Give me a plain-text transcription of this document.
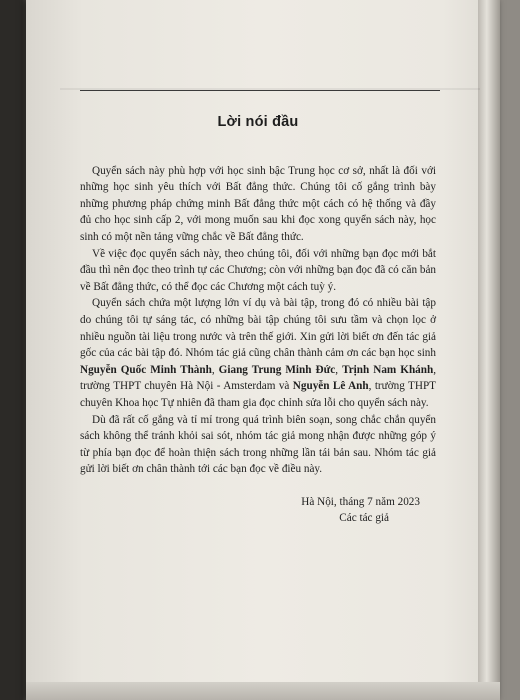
Lời nói đầu

Quyển sách này phù hợp với học sinh bậc Trung học cơ sở, nhất là đối với những học sinh yêu thích với Bất đẳng thức. Chúng tôi cố gắng trình bày những phương pháp chứng minh Bất đẳng thức một cách có hệ thống và đầy đủ cho học sinh cấp 2, với mong muốn sau khi đọc xong quyển sách này, học sinh có một nền tảng vững chắc về Bất đẳng thức.

Về việc đọc quyển sách này, theo chúng tôi, đối với những bạn đọc mới bắt đầu thì nên đọc theo trình tự các Chương; còn với những bạn đọc đã có căn bản về Bất đẳng thức, có thể đọc các Chương một cách tuỳ ý.

Quyển sách chứa một lượng lớn ví dụ và bài tập, trong đó có nhiều bài tập do chúng tôi tự sáng tác, có những bài tập chúng tôi sưu tầm và chọn lọc ở nhiều nguồn tài liệu trong nước và trên thế giới. Xin gửi lời biết ơn đến tác giả gốc của các bài tập đó. Nhóm tác giả cũng chân thành cảm ơn các bạn học sinh Nguyễn Quốc Minh Thành, Giang Trung Minh Đức, Trịnh Nam Khánh, trường THPT chuyên Hà Nội - Amsterdam và Nguyễn Lê Anh, trường THPT chuyên Khoa học Tự nhiên đã tham gia đọc chỉnh sửa lỗi cho quyển sách này.

Dù đã rất cố gắng và tỉ mỉ trong quá trình biên soạn, song chắc chắn quyển sách không thể tránh khỏi sai sót, nhóm tác giả mong nhận được những góp ý từ phía bạn đọc để hoàn thiện sách trong những lần tái bản sau. Nhóm tác giả gửi lời biết ơn chân thành tới các bạn đọc về điều này.

Hà Nội, tháng 7 năm 2023
Các tác giả
